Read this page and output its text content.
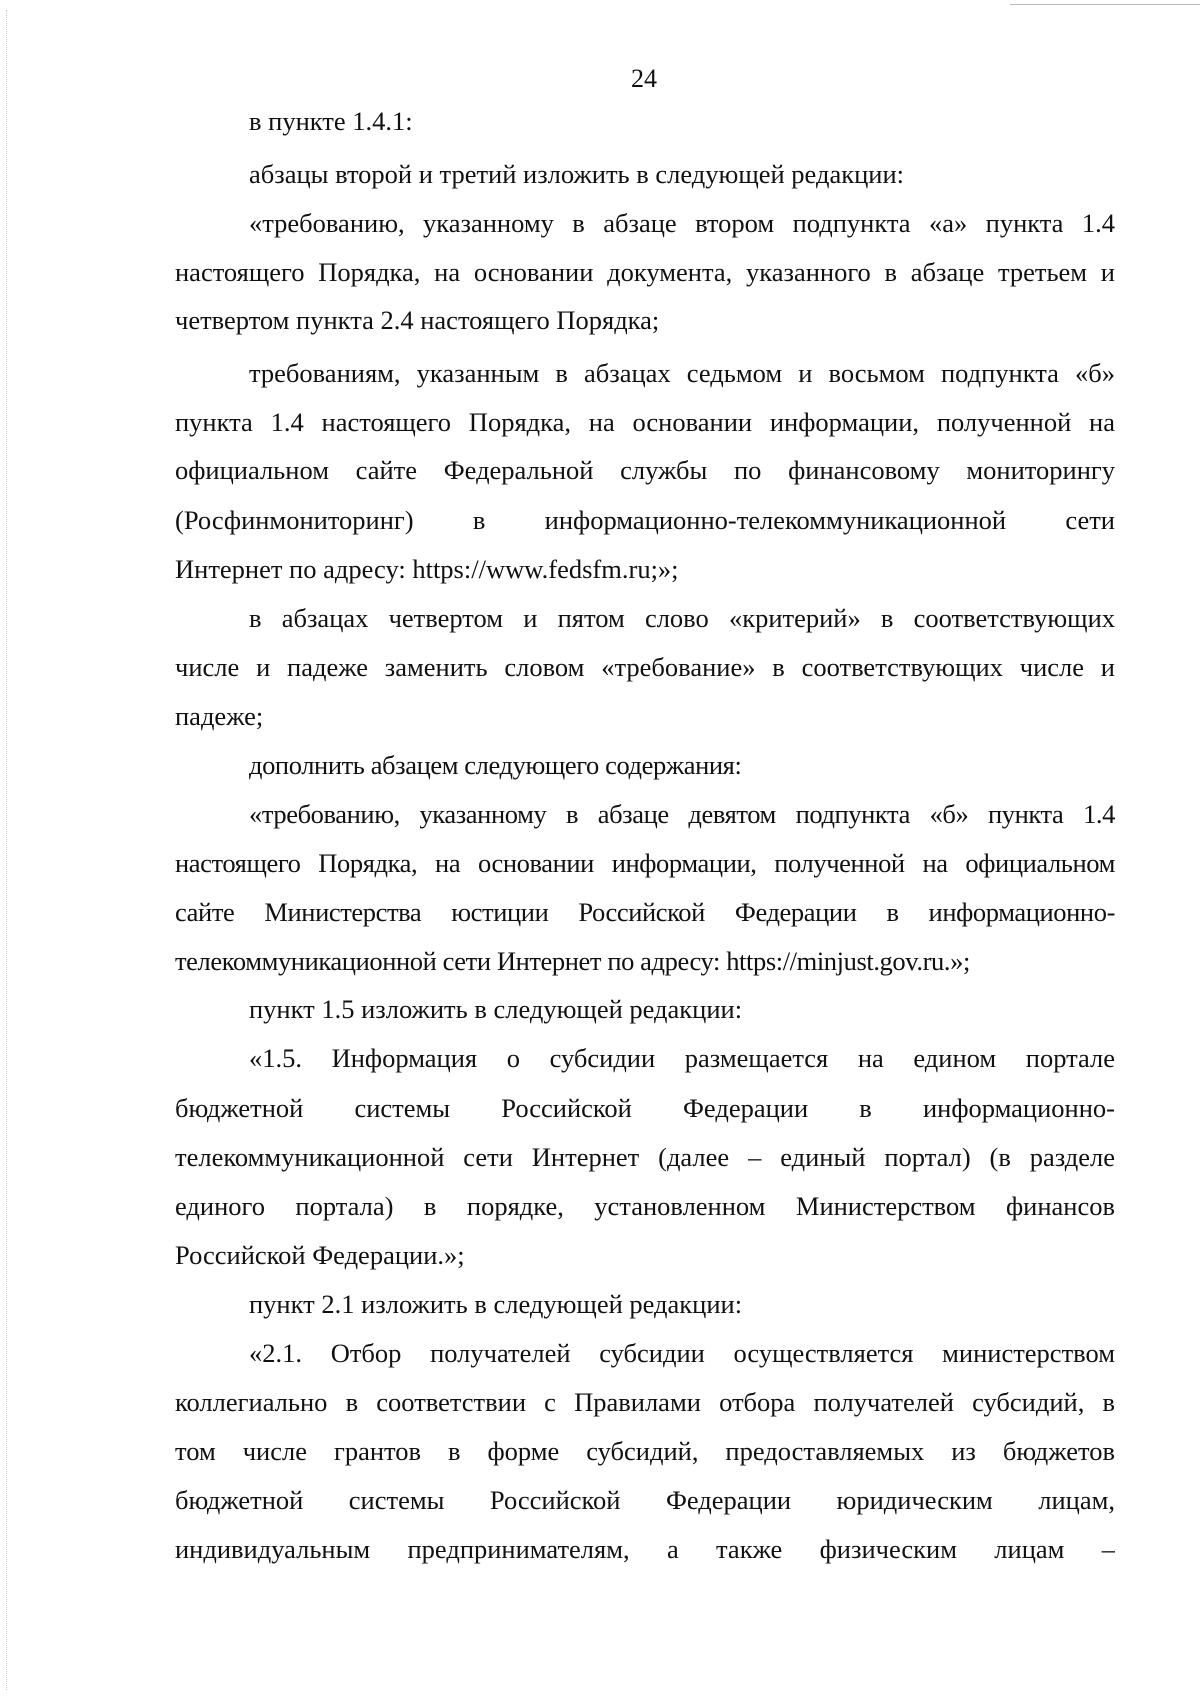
24
в пункте 1.4.1:
абзацы второй и третий изложить в следующей редакции:
«требованию, указанному в абзаце втором подпункта «а» пункта 1.4
настоящего Порядка, на основании документа, указанного в абзаце третьем и
четвертом пункта 2.4 настоящего Порядка;
требованиям, указанным в абзацах седьмом и восьмом подпункта «б»
пункта 1.4 настоящего Порядка, на основании информации, полученной на
официальном сайте Федеральной службы по финансовому мониторингу
(Росфинмониторинг) в информационно-телекоммуникационной сети
Интернет по адресу: https://www.fedsfm.ru;»;
в абзацах четвертом и пятом слово «критерий» в соответствующих
числе и падеже заменить словом «требование» в соответствующих числе и
падеже;
дополнить абзацем следующего содержания:
«требованию, указанному в абзаце девятом подпункта «б» пункта 1.4
настоящего Порядка, на основании информации, полученной на официальном
сайте Министерства юстиции Российской Федерации в информационно-
телекоммуникационной сети Интернет по адресу: https://minjust.gov.ru.»;
пункт 1.5 изложить в следующей редакции:
«1.5. Информация о субсидии размещается на едином портале
бюджетной системы Российской Федерации в информационно-
телекоммуникационной сети Интернет (далее – единый портал) (в разделе
единого портала) в порядке, установленном Министерством финансов
Российской Федерации.»;
пункт 2.1 изложить в следующей редакции:
«2.1. Отбор получателей субсидии осуществляется министерством
коллегиально в соответствии с Правилами отбора получателей субсидий, в
том числе грантов в форме субсидий, предоставляемых из бюджетов
бюджетной системы Российской Федерации юридическим лицам,
индивидуальным предпринимателям, а также физическим лицам –
